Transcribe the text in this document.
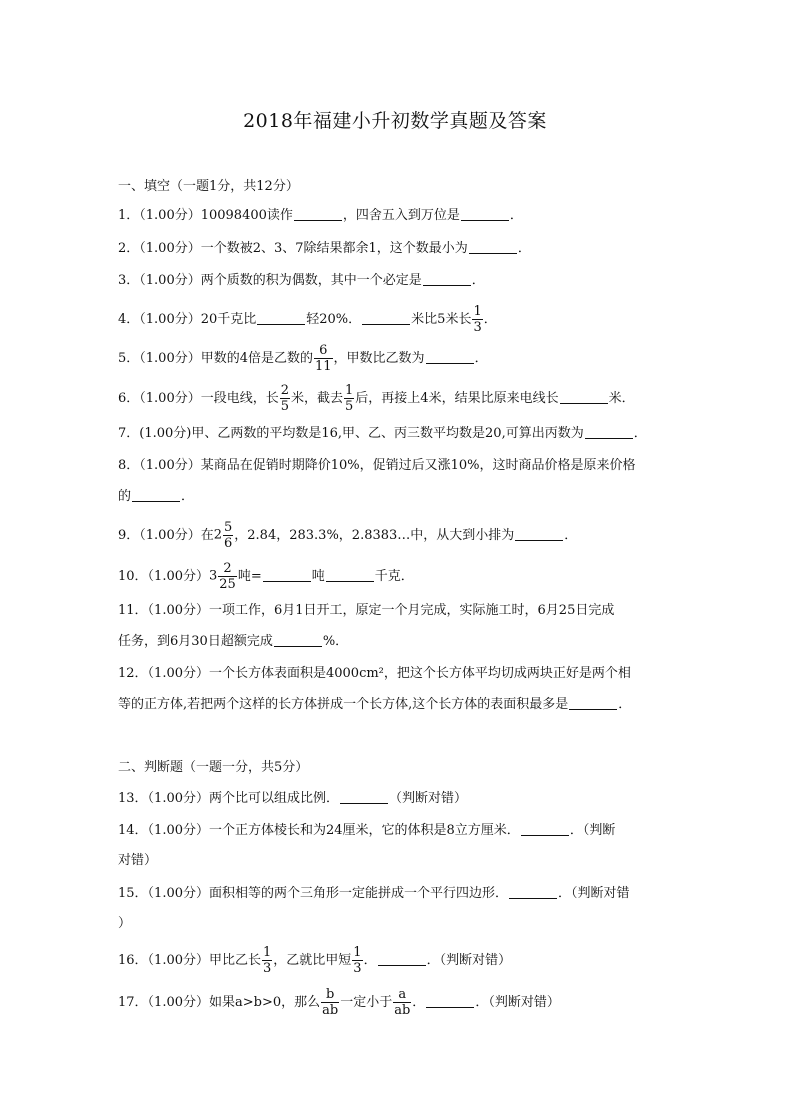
2018年福建小升初数学真题及答案
一、填空（一题1分，共12分）
1．（1.00分）10098400读作	，四舍五入到万位是	．
2．（1.00分）一个数被2、3、7除结果都余1，这个数最小为	．
3．（1.00分）两个质数的积为偶数，其中一个必定是	．
4．（1.00分）20千克比	轻20%．	米比5米长 $\frac{1}{3}$ ．
5．（1.00分）甲数的4倍是乙数的 $\frac{6}{11}$ ，甲数比乙数为	．
6．（1.00分）一段电线，长 $\frac{2}{5}$ 米，截去 $\frac{1}{5}$ 后，再接上4米，结果比原来电线长	米．
7．(1.00分)甲、乙两数的平均数是16,甲、乙、丙三数平均数是20,可算出丙数为	．
8．（1.00分）某商品在促销时期降价10%，促销过后又涨10%，这时商品价格是原来价格
的	．
9．（1.00分）在$2 \frac{5}{6}$ ，2.84，283.3%，2.8383…中，从大到小排为	．
10．（1.00分）$3 \frac{2}{25}$ 吨=	吨	千克．
11．（1.00分）一项工作，6月1日开工，原定一个月完成，实际施工时，6月25日完成
任务，到6月30日超额完成	%．
12．（1.00分）一个长方体表面积是4000cm²，把这个长方体平均切成两块正好是两个相
等的正方体,若把两个这样的长方体拼成一个长方体,这个长方体的表面积最多是	．
二、判断题（一题一分，共5分）
13．（1.00分）两个比可以组成比例．	（判断对错）
14．（1.00分）一个正方体棱长和为24厘米，它的体积是8立方厘米．	．（判断
对错）
15．（1.00分）面积相等的两个三角形一定能拼成一个平行四边形．	．（判断对错
）
16．（1.00分）甲比乙长 $\frac{1}{3}$ ，乙就比甲短 $\frac{1}{3}$ ．	．（判断对错）
17．（1.00分）如果a>b>0，那么 $\frac{b}{ab}$ 一定小于 $\frac{a}{ab}$ ．	．（判断对错）
